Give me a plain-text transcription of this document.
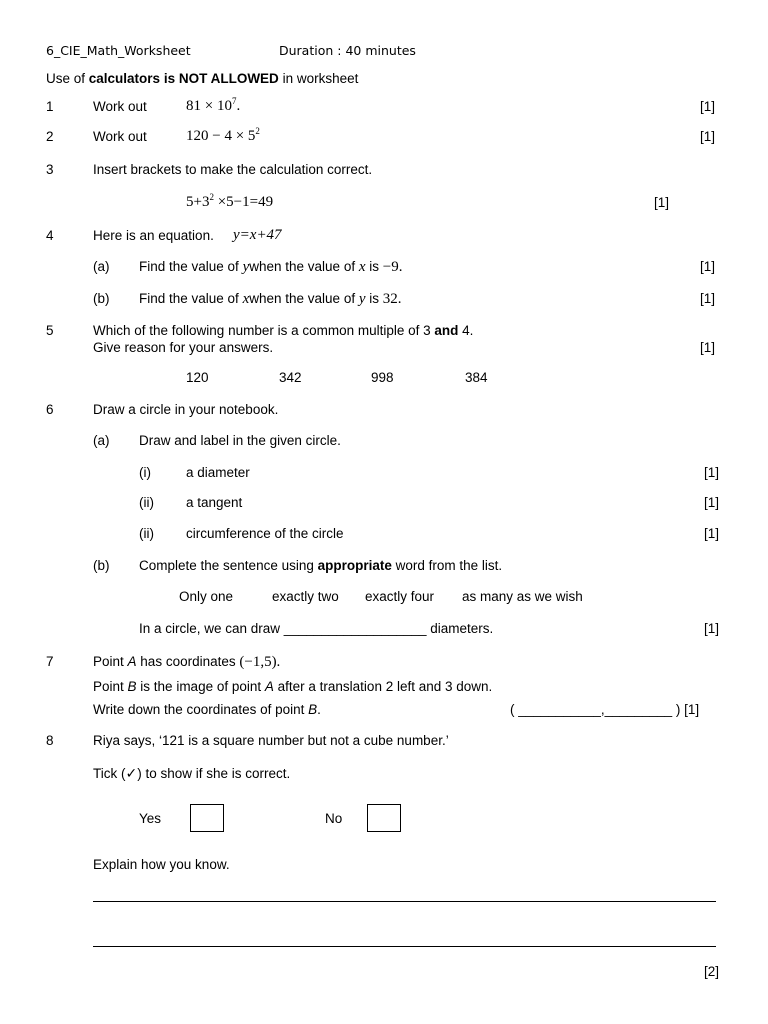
6_CIE_Math_Worksheet	Duration : 40 minutes
Use of calculators is NOT ALLOWED in worksheet
1	Work out	$81 \times 10^7$.	[1]
2	Work out	$120 - 4 \times 5^2$	[1]
3	Insert brackets to make the calculation correct.
$5+3^2 \times 5-1=49$	[1]
4	Here is an equation. y=x+47
(a) Find the value of ywhen the value of x is −9.	[1]
(b) Find the value of xwhen the value of y is 32.	[1]
5	Which of the following number is a common multiple of 3 and 4.
Give reason for your answers.	[1]
120	342	998	384
6	Draw a circle in your notebook.
(a) Draw and label in the given circle.
(i)	a diameter	[1]
(ii) a tangent	[1]
(ii) circumference of the circle	[1]
(b) Complete the sentence using appropriate word from the list.
Only one	exactly two exactly four as many as we wish
In a circle, we can draw ___________________ diameters.	[1]
7	Point A has coordinates (−1,5).
Point B is the image of point A after a translation 2 left and 3 down.
Write down the coordinates of point B.	( ___________,_________ ) [1]
8	Riya says, ‘121 is a square number but not a cube number.’
Tick (✓) to show if she is correct.
Yes	No
Explain how you know.
[2]
